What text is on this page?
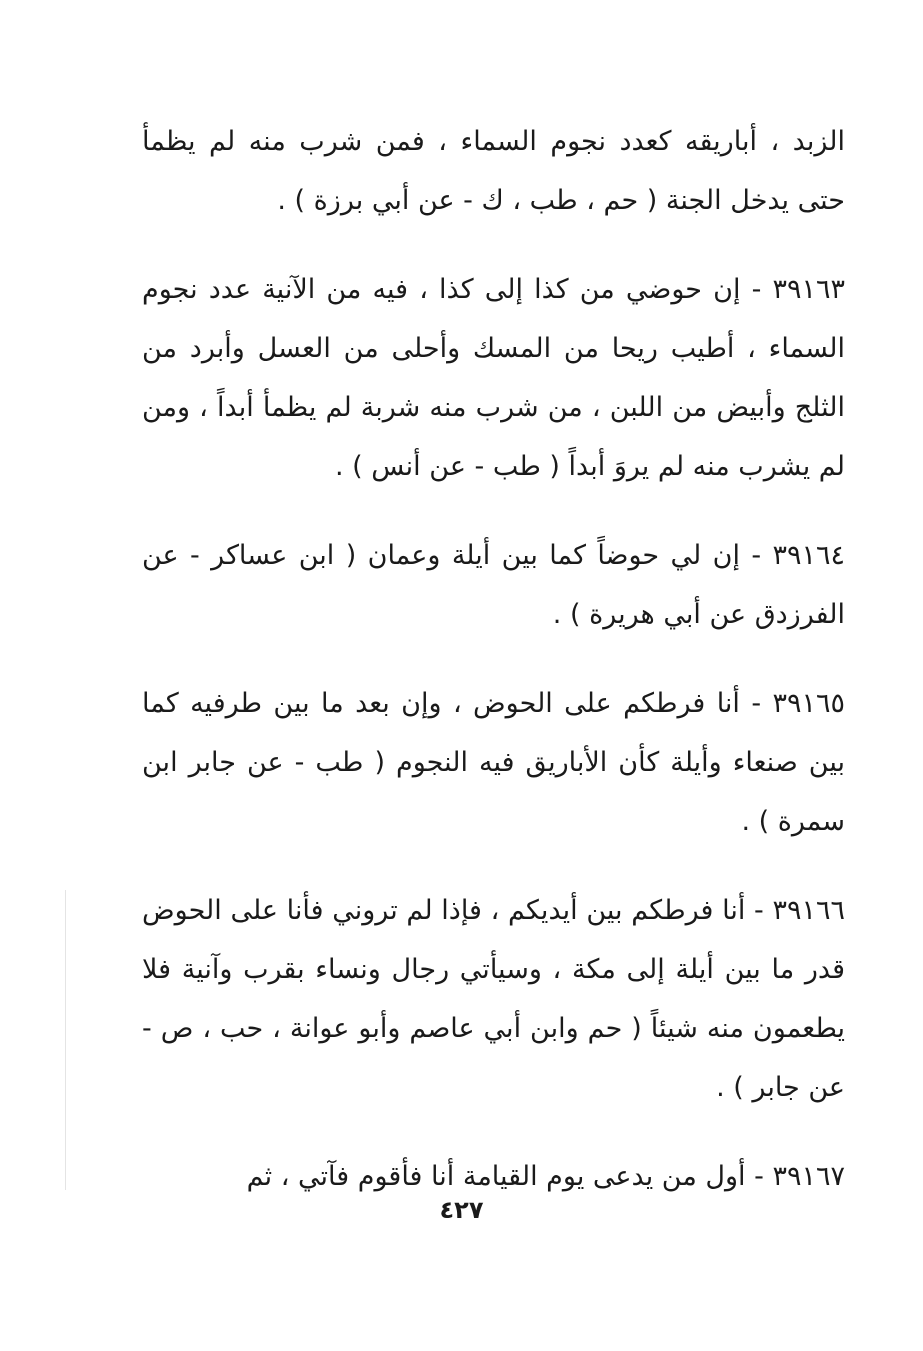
الزبد ، أباريقه كعدد نجوم السماء ، فمن شرب منه لم يظمأ حتى يدخل الجنة ( حم ، طب ، ك - عن أبي برزة ) .

٣٩١٦٣ - إن حوضي من كذا إلى كذا ، فيه من الآنية عدد نجوم السماء ، أطيب ريحا من المسك وأحلى من العسل وأبرد من الثلج وأبيض من اللبن ، من شرب منه شربة لم يظمأ أبداً ، ومن لم يشرب منه لم يروَ أبداً ( طب - عن أنس ) .

٣٩١٦٤ - إن لي حوضاً كما بين أيلة وعمان ( ابن عساكر - عن الفرزدق عن أبي هريرة ) .

٣٩١٦٥ - أنا فرطكم على الحوض ، وإن بعد ما بين طرفيه كما بين صنعاء وأيلة كأن الأباريق فيه النجوم ( طب - عن جابر ابن سمرة ) .

٣٩١٦٦ - أنا فرطكم بين أيديكم ، فإذا لم تروني فأنا على الحوض قدر ما بين أيلة إلى مكة ، وسيأتي رجال ونساء بقرب وآنية فلا يطعمون منه شيئاً ( حم وابن أبي عاصم وأبو عوانة ، حب ، ص - عن جابر ) .

٣٩١٦٧ - أول من يدعى يوم القيامة أنا فأقوم فآتي ، ثم

٤٢٧
